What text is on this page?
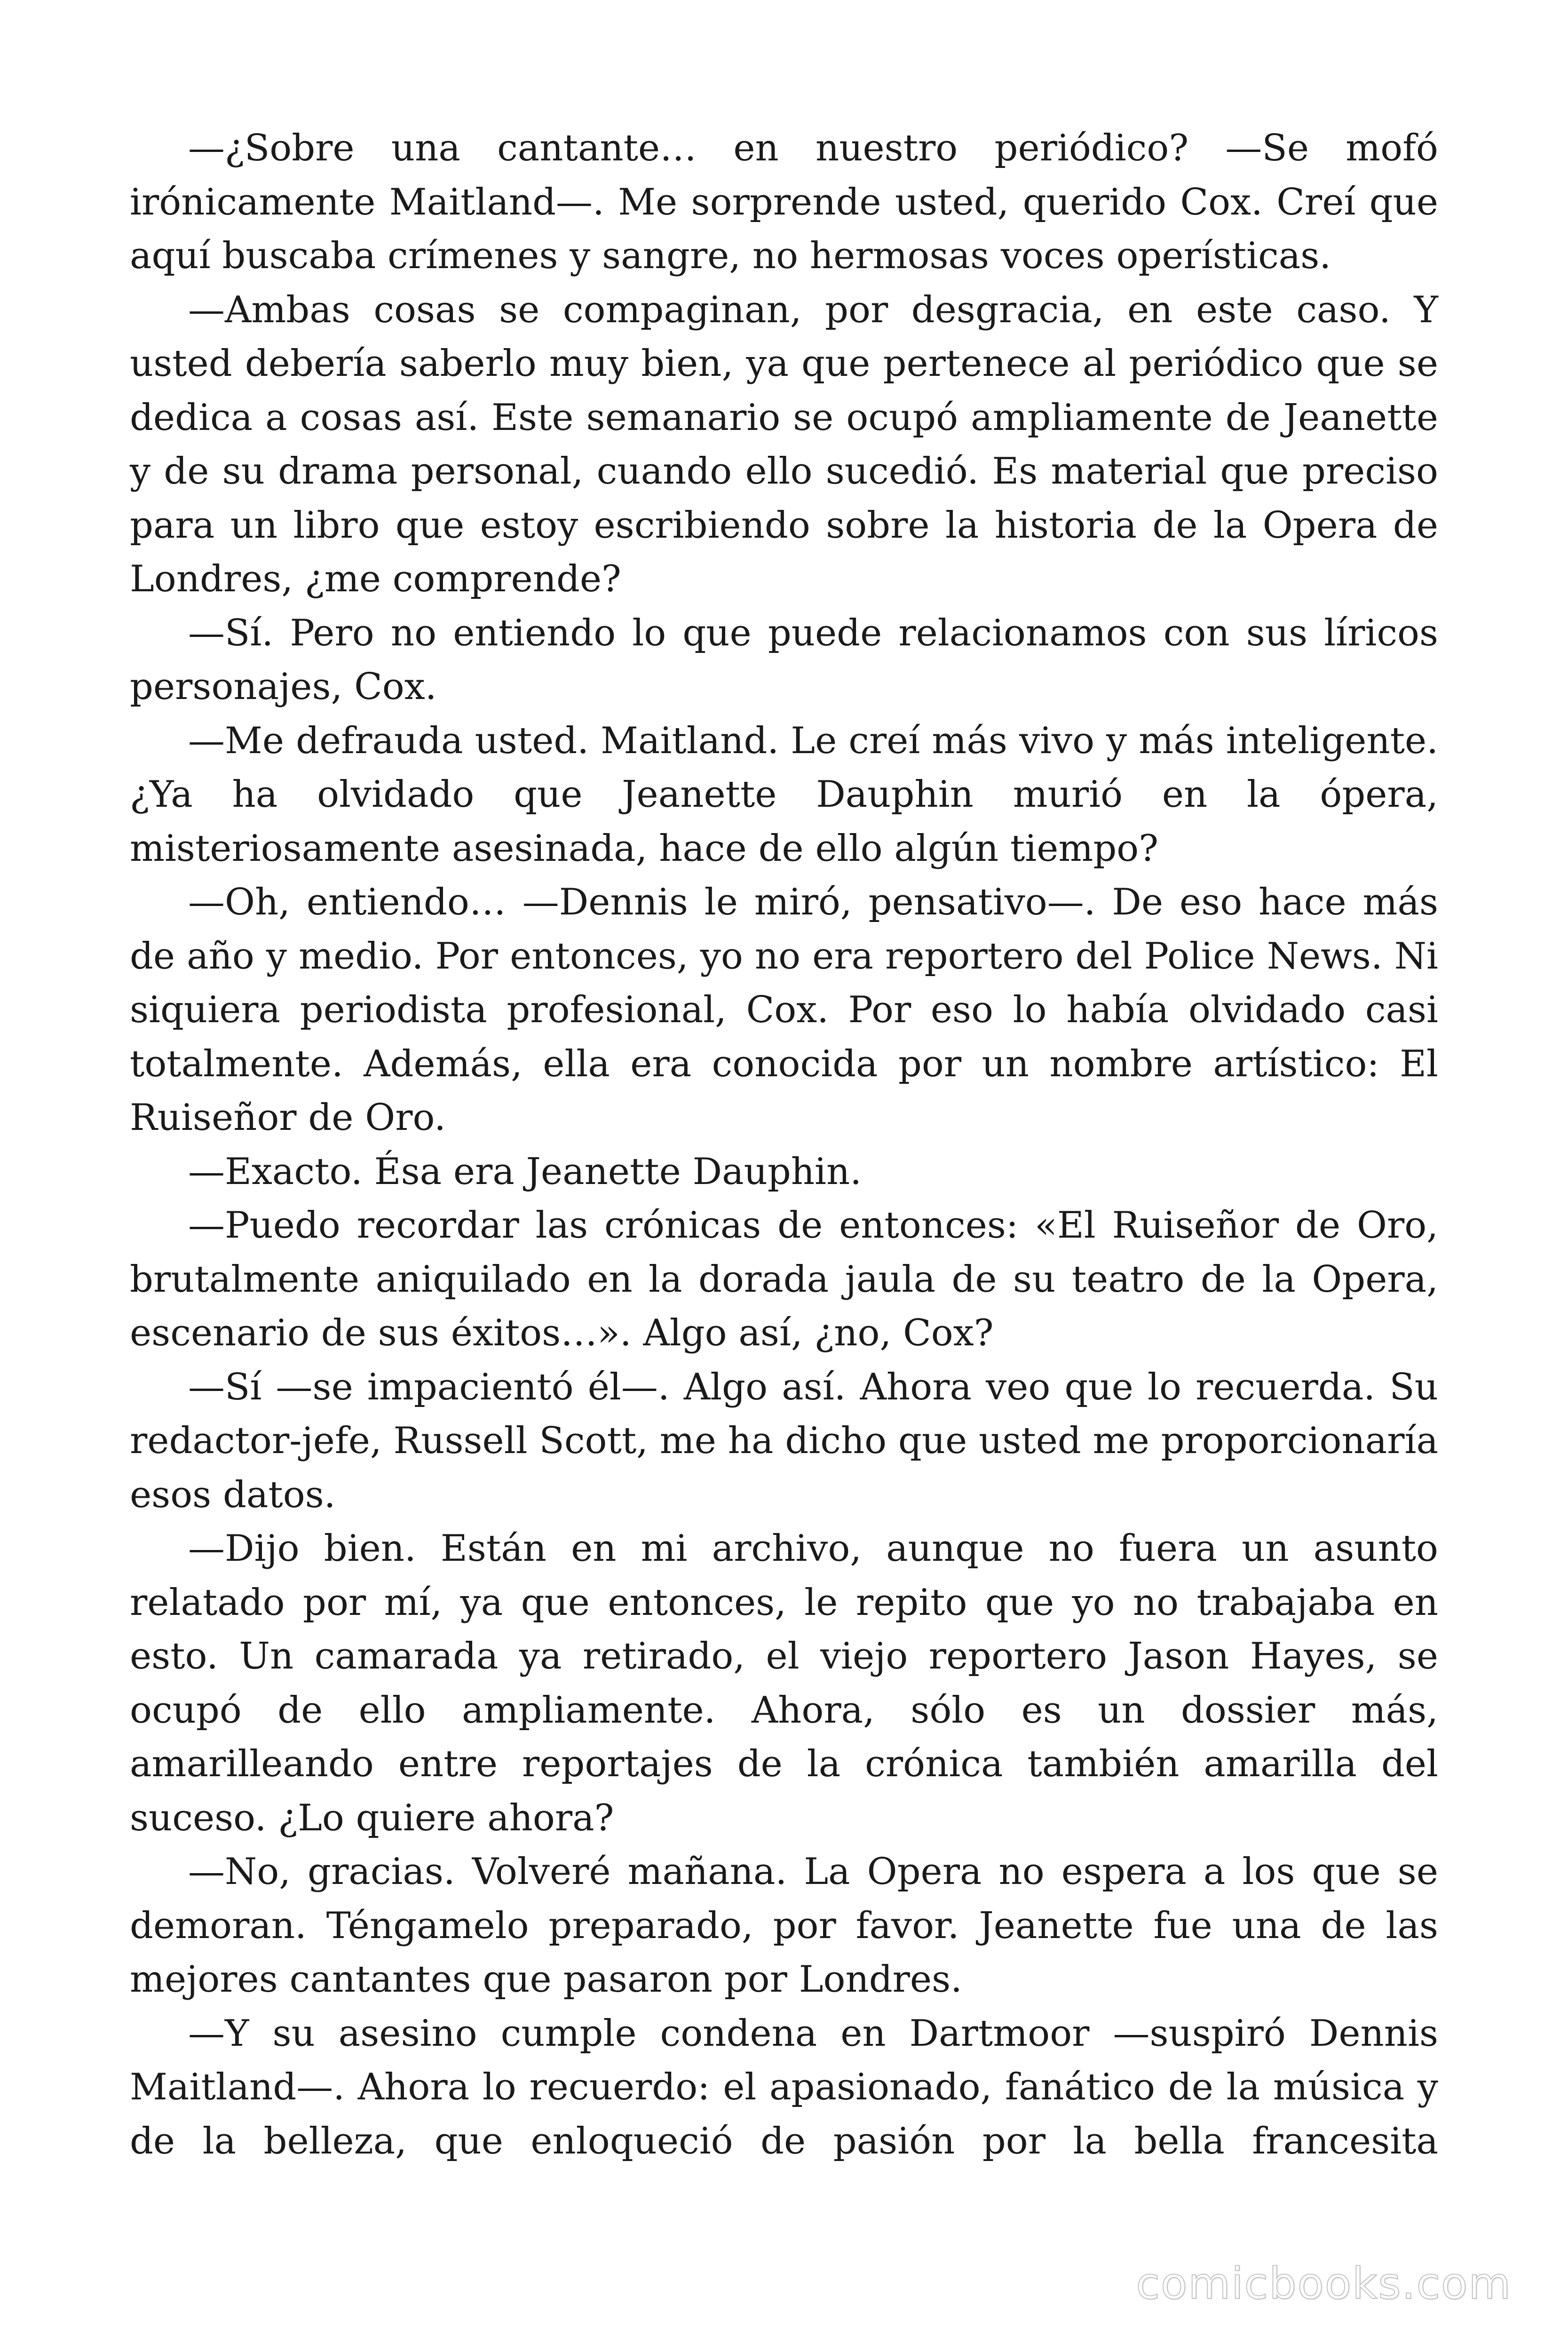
—¿Sobre una cantante… en nuestro periódico? —Se mofó irónicamente Maitland—. Me sorprende usted, querido Cox. Creí que aquí buscaba crímenes y sangre, no hermosas voces operísticas.

—Ambas cosas se compaginan, por desgracia, en este caso. Y usted debería saberlo muy bien, ya que pertenece al periódico que se dedica a cosas así. Este semanario se ocupó ampliamente de Jeanette y de su drama personal, cuando ello sucedió. Es material que preciso para un libro que estoy escribiendo sobre la historia de la Opera de Londres, ¿me comprende?

—Sí. Pero no entiendo lo que puede relacionamos con sus líricos personajes, Cox.

—Me defrauda usted. Maitland. Le creí más vivo y más inteligente. ¿Ya ha olvidado que Jeanette Dauphin murió en la ópera, misteriosamente asesinada, hace de ello algún tiempo?

—Oh, entiendo… —Dennis le miró, pensativo—. De eso hace más de año y medio. Por entonces, yo no era reportero del Police News. Ni siquiera periodista profesional, Cox. Por eso lo había olvidado casi totalmente. Además, ella era conocida por un nombre artístico: El Ruiseñor de Oro.

—Exacto. Ésa era Jeanette Dauphin.

—Puedo recordar las crónicas de entonces: «El Ruiseñor de Oro, brutalmente aniquilado en la dorada jaula de su teatro de la Opera, escenario de sus éxitos…». Algo así, ¿no, Cox?

—Sí —se impacientó él—. Algo así. Ahora veo que lo recuerda. Su redactor-jefe, Russell Scott, me ha dicho que usted me proporcionaría esos datos.

—Dijo bien. Están en mi archivo, aunque no fuera un asunto relatado por mí, ya que entonces, le repito que yo no trabajaba en esto. Un camarada ya retirado, el viejo reportero Jason Hayes, se ocupó de ello ampliamente. Ahora, sólo es un dossier más, amarilleando entre reportajes de la crónica también amarilla del suceso. ¿Lo quiere ahora?

—No, gracias. Volveré mañana. La Opera no espera a los que se demoran. Téngamelo preparado, por favor. Jeanette fue una de las mejores cantantes que pasaron por Londres.

—Y su asesino cumple condena en Dartmoor —suspiró Dennis Maitland—. Ahora lo recuerdo: el apasionado, fanático de la música y de la belleza, que enloqueció de pasión por la bella francesita

comicbooks.com
